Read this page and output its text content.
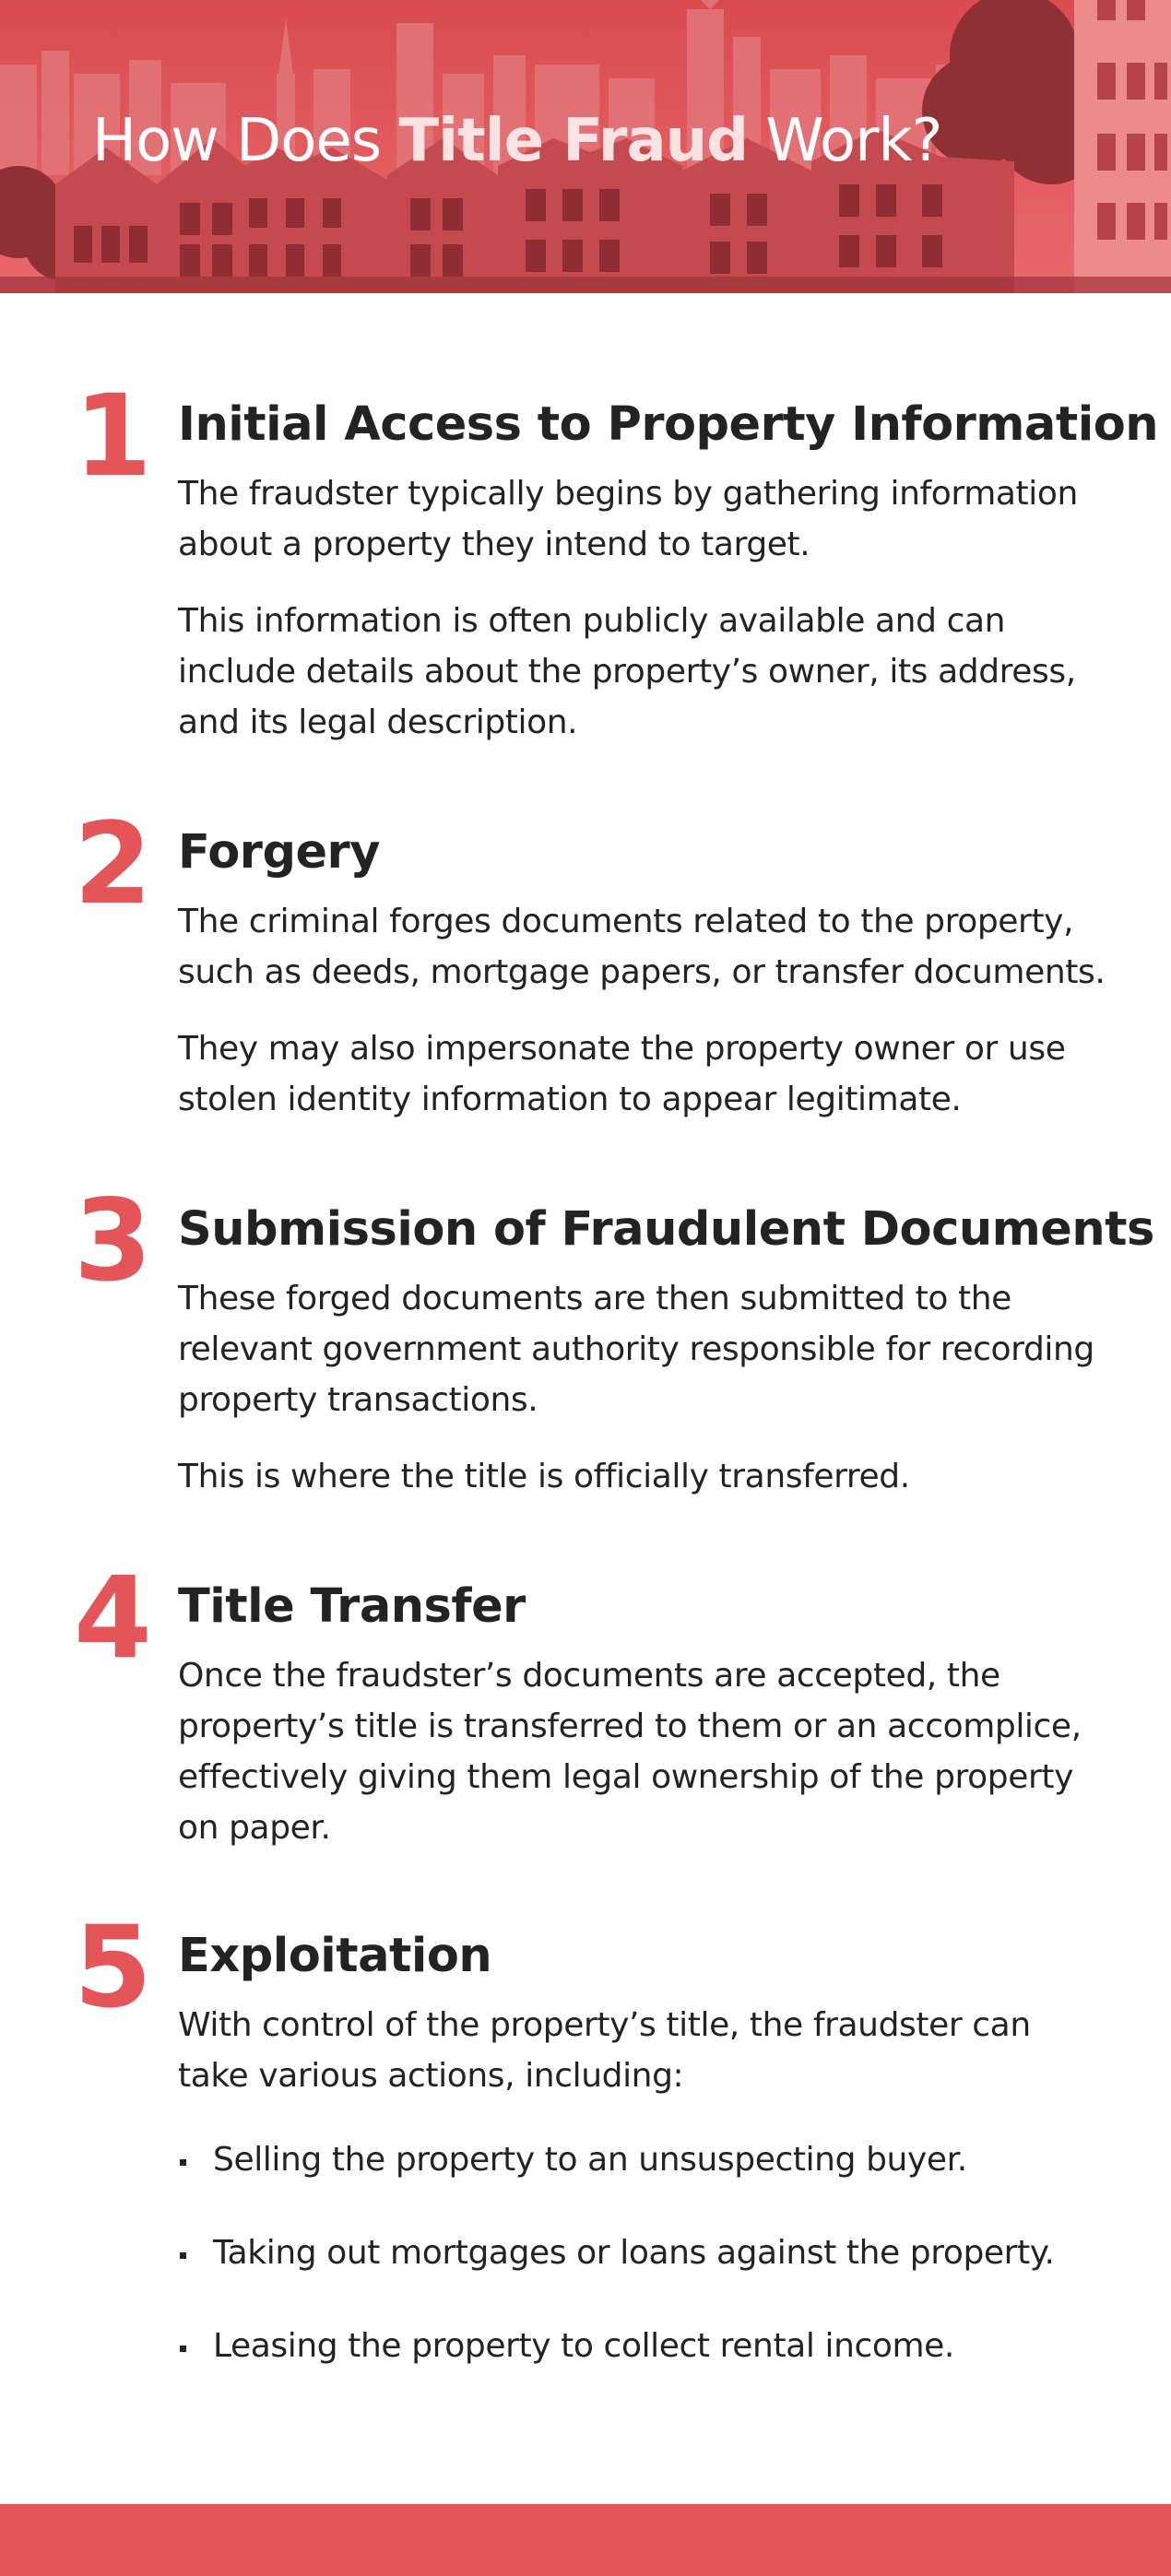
How Does Title Fraud Work?
1 Initial Access to Property Information

The fraudster typically begins by gathering information about a property they intend to target.

This information is often publicly available and can include details about the property’s owner, its address, and its legal description.

2 Forgery

The criminal forges documents related to the property, such as deeds, mortgage papers, or transfer documents.

They may also impersonate the property owner or use stolen identity information to appear legitimate.

3 Submission of Fraudulent Documents

These forged documents are then submitted to the relevant government authority responsible for recording property transactions.

This is where the title is officially transferred.

4 Title Transfer

Once the fraudster’s documents are accepted, the property’s title is transferred to them or an accomplice, effectively giving them legal ownership of the property on paper.

5 Exploitation

With control of the property’s title, the fraudster can take various actions, including:

Selling the property to an unsuspecting buyer.
Taking out mortgages or loans against the property.
Leasing the property to collect rental income.
